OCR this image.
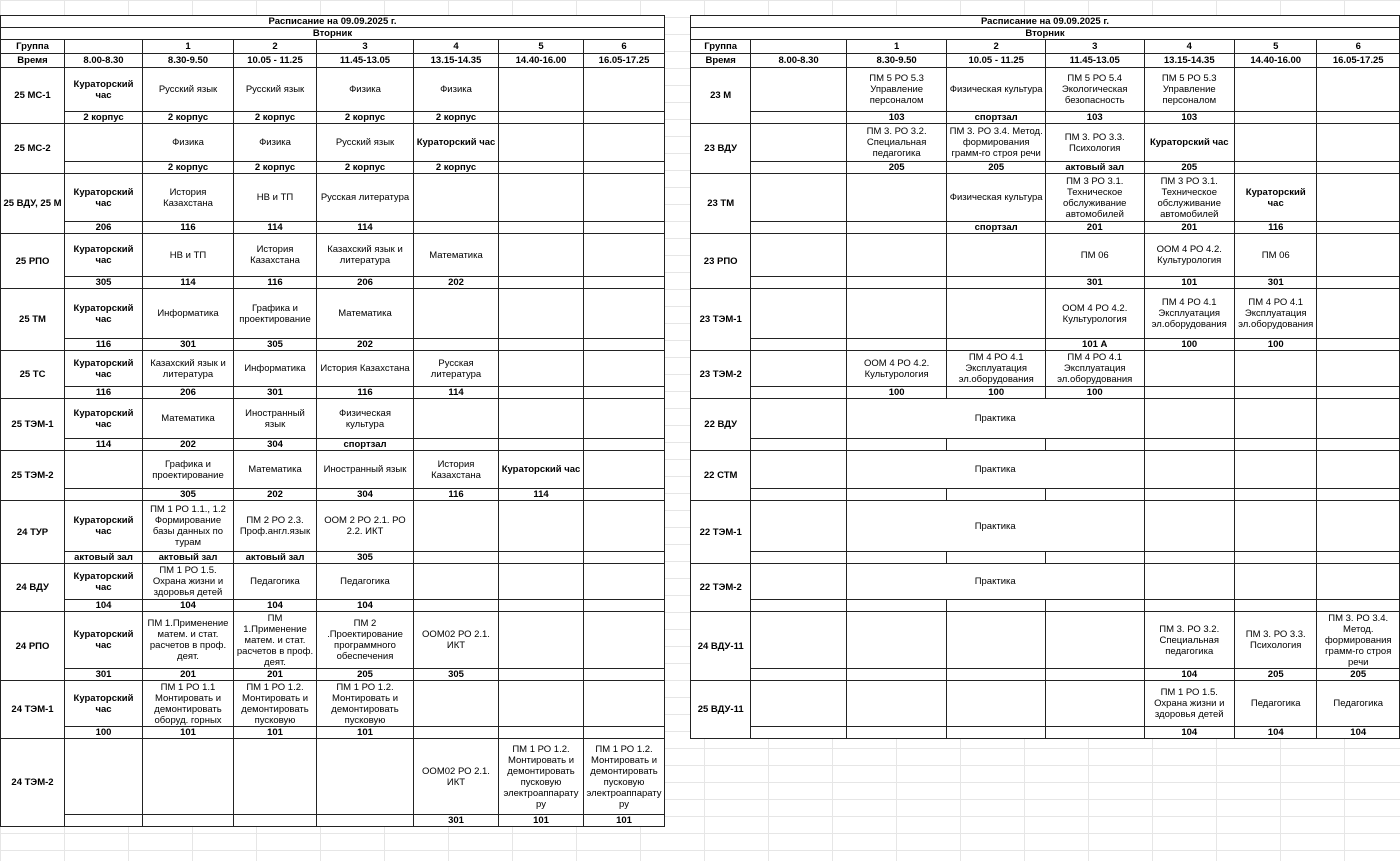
Расписание на 09.09.2025 г.							
Вторник							
Группа		1	2	3	4	5	6
Время	8.00-8.30	8.30-9.50	10.05 - 11.25	11.45-13.05	13.15-14.35	14.40-16.00	16.05-17.25
25 МС-1	Кураторский час	Русский язык	Русский язык	Физика	Физика		
	2 корпус	2 корпус	2 корпус	2 корпус	2 корпус		
25 МС-2		Физика	Физика	Русский язык	Кураторский час		
		2 корпус	2 корпус	2 корпус	2 корпус		
25 ВДУ, 25 М	Кураторский час	История Казахстана	НВ и ТП	Русская литература			
	206	116	114	114			
25 РПО	Кураторский час	НВ и ТП	История Казахстана	Казахский язык и литература	Математика		
	305	114	116	206	202		
25 ТМ	Кураторский час	Информатика	Графика и проектирование	Математика			
	116	301	305	202			
25 ТС	Кураторский час	Казахский язык и литература	Информатика	История Казахстана	Русская литература		
	116	206	301	116	114		
25 ТЭМ-1	Кураторский час	Математика	Иностранный язык	Физическая культура			
	114	202	304	спортзал			
25 ТЭМ-2		Графика и проектирование	Математика	Иностранный язык	История Казахстана	Кураторский час	
		305	202	304	116	114	
24 ТУР	Кураторский час	ПМ 1 РО 1.1., 1.2 Формирование базы данных по турам	ПМ 2 РО 2.3. Проф.англ.язык	ООМ 2 РО 2.1. РО 2.2. ИКТ			
	актовый зал	актовый зал	актовый зал	305			
24 ВДУ	Кураторский час	ПМ 1 РО 1.5. Охрана жизни и здоровья детей	Педагогика	Педагогика			
	104	104	104	104			
24 РПО	Кураторский час	ПМ 1.Применение матем. и стат. расчетов в проф. деят.	ПМ 1.Применение матем. и стат. расчетов в проф. деят.	ПМ 2 .Проектирование программного обеспечения	ООМ02 РО 2.1. ИКТ		
	301	201	201	205	305		
24 ТЭМ-1	Кураторский час	ПМ 1 РО 1.1 Монтировать и демонтировать оборуд. горных	ПМ 1 РО 1.2. Монтировать и демонтировать пусковую	ПМ 1 РО 1.2. Монтировать и демонтировать пусковую			
	100	101	101	101			
24 ТЭМ-2					ООМ02 РО 2.1. ИКТ	ПМ 1 РО 1.2. Монтировать и демонтировать пусковую электроаппарату ру	ПМ 1 РО 1.2. Монтировать и демонтировать пусковую электроаппарату ру
					301	101	101
Расписание на 09.09.2025 г.							
Вторник							
Группа		1	2	3	4	5	6
Время	8.00-8.30	8.30-9.50	10.05 - 11.25	11.45-13.05	13.15-14.35	14.40-16.00	16.05-17.25
23 М		ПМ 5 РО 5.3 Управление персоналом	Физическая культура	ПМ 5 РО 5.4 Экологическая безопасность	ПМ 5 РО 5.3 Управление персоналом		
		103	спортзал	103	103		
23 ВДУ		ПМ 3. РО 3.2. Специальная педагогика	ПМ 3. РО 3.4. Метод. формирования грамм-го строя речи	ПМ 3. РО 3.3. Психология	Кураторский час		
		205	205	актовый зал	205		
23 ТМ			Физическая культура	ПМ 3 РО 3.1. Техническое обслуживание автомобилей	ПМ 3 РО 3.1. Техническое обслуживание автомобилей	Кураторский час	
			спортзал	201	201	116	
23 РПО				ПМ 06	ООМ 4 РО 4.2. Культурология	ПМ 06	
				301	101	301	
23 ТЭМ-1				ООМ 4 РО 4.2. Культурология	ПМ 4 РО 4.1 Эксплуатация эл.оборудования	ПМ 4 РО 4.1 Эксплуатация эл.оборудования	
				101 А	100	100	
23 ТЭМ-2		ООМ 4 РО 4.2. Культурология	ПМ 4 РО 4.1 Эксплуатация эл.оборудования	ПМ 4 РО 4.1 Эксплуатация эл.оборудования			
		100	100	100			
22 ВДУ		Практика					

22 СТМ		Практика					

22 ТЭМ-1		Практика					

22 ТЭМ-2		Практика					

24 ВДУ-11					ПМ 3. РО 3.2. Специальная педагогика	ПМ 3. РО 3.3. Психология	ПМ 3. РО 3.4. Метод. формирования грамм-го строя речи
					104	205	205
25 ВДУ-11					ПМ 1 РО 1.5. Охрана жизни и здоровья детей	Педагогика	Педагогика
					104	104	104
